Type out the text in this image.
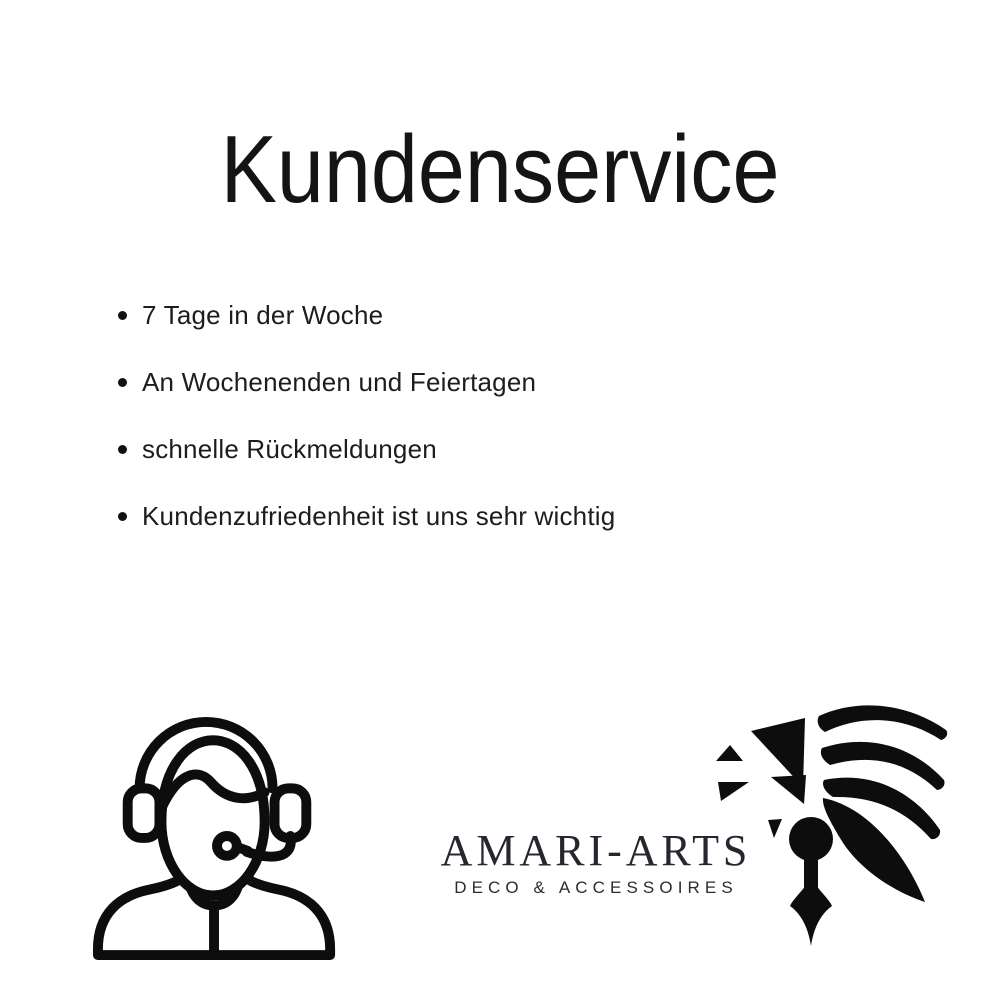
Kundenservice
7 Tage in der Woche
An Wochenenden und Feiertagen
schnelle Rückmeldungen
Kundenzufriedenheit ist uns sehr wichtig
AMARI-ARTS
DECO & ACCESSOIRES
